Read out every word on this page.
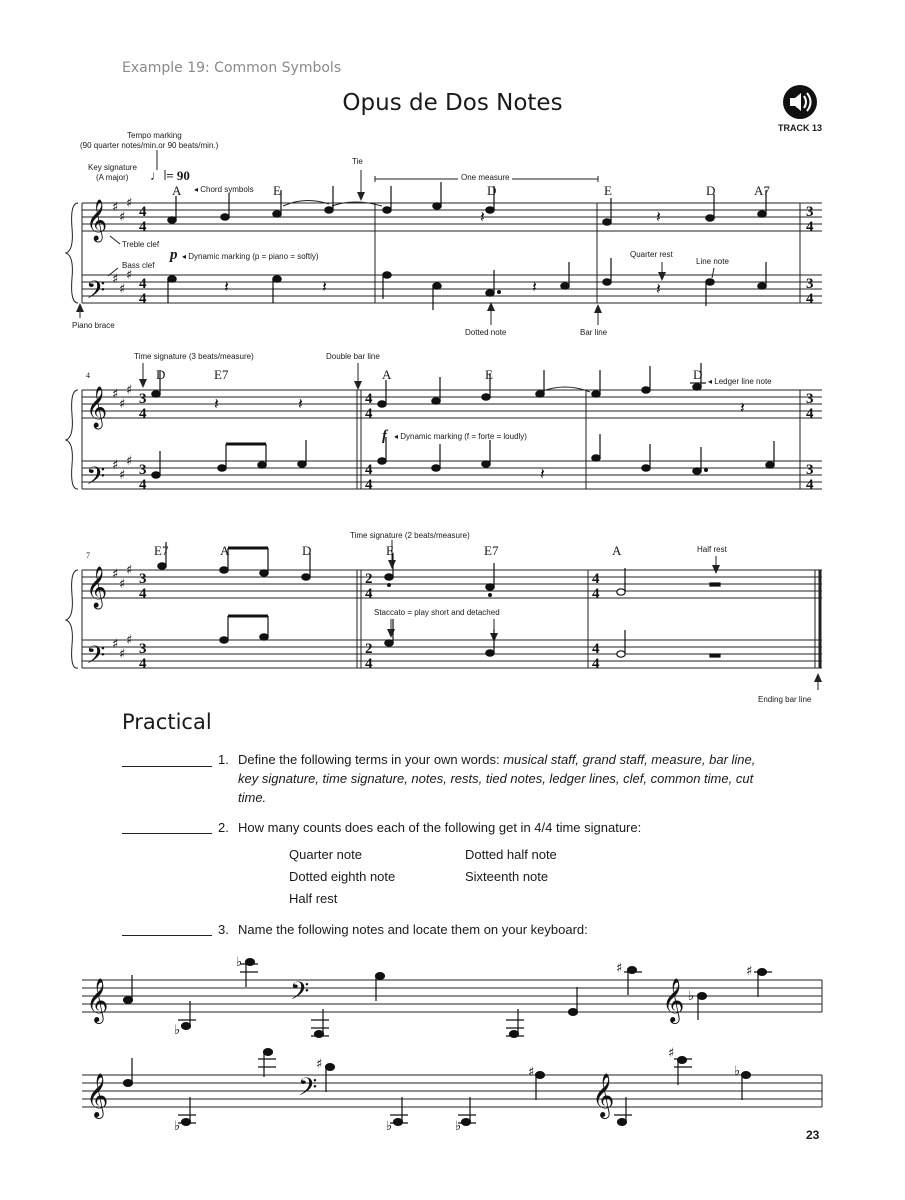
Example 19: Common Symbols
Opus de Dos Notes
TRACK 13
𝄞
𝄢
𝄞
𝄢
𝄞
𝄢
♯
♯
♯
♯
♯
♯
♯
♯
♯
♯
♯
♯
♯
♯
♯
♯
♯
♯
4
4
4
4
3
4
3
4
3
4
3
4
4
4
4
4
3
4
3
4
3
4
3
4
2
4
2
4
4
4
4
4
𝄽	𝄽	𝄽
𝄽	𝄽
𝄽
𝄽	𝄽
𝄽
𝄽
𝄞	𝄢	𝄞
𝄞	𝄢	𝄞
♭
♭	♯
♭
♯
♭
♯
♭	♭
♯
♯
♭
Tempo marking
(90 quarter notes/min.or 90 beats/min.)
Key signature
(A major) ♩ = 90
◂ Chord symbols
Tie
One measure
Treble clef
Bass clef
p ◂ Dynamic marking (p = piano = softly)	Quarter rest
Line note
Piano brace
Dotted note	Bar line
Time signature (3 beats/measure)	Double bar line
◂ Ledger line note
f ◂ Dynamic marking (f = forte = loudly)
Time signature (2 beats/measure)
Half rest
Staccato = play short and detached
Ending bar line
4
7
A	E	D	E	D	A7
D	E7	A	E	D
E7	A	D	E	E7	A
Practical
1. Define the following terms in your own words: musical staff, grand staff, measure, bar line, key signature, time signature, notes, rests, tied notes, ledger lines, clef, common time, cut time.
2. How many counts does each of the following get in 4/4 time signature:
Quarter note	Dotted half note
Dotted eighth note	Sixteenth note
Half rest
3. Name the following notes and locate them on your keyboard:
23
